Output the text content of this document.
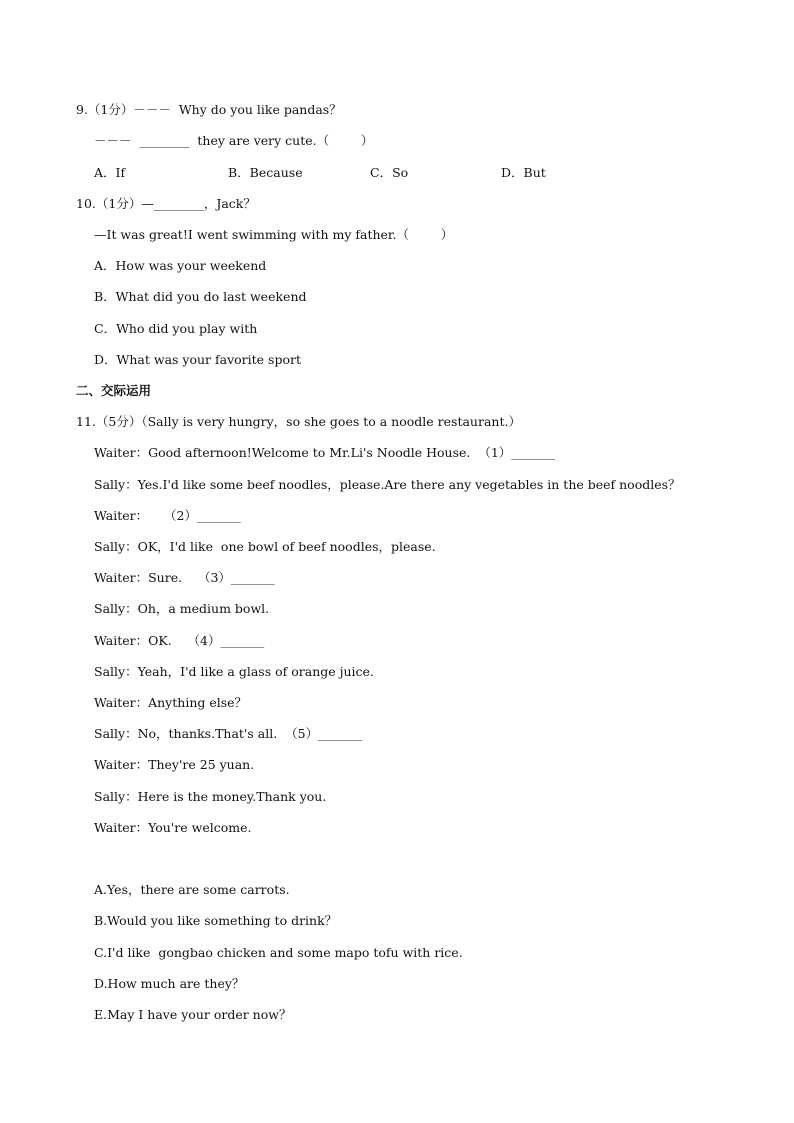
9.（1分）－－－  Why do you like pandas？
－－－  ________  they are very cute.（        ）
A．If	B．Because	C．So	D．But
10.（1分）—________，Jack？
—It was great!I went swimming with my father.（        ）
A．How was your weekend
B．What did you do last weekend
C．Who did you play with
D．What was your favorite sport
二、交际运用
11.（5分）（Sally is very hungry，so she goes to a noodle restaurant.）
Waiter：Good afternoon!Welcome to Mr.Li's Noodle House.  （1）_______
Sally：Yes.I'd like some beef noodles，please.Are there any vegetables in the beef noodles？
Waiter：    （2）_______
Sally：OK，I'd like  one bowl of beef noodles，please.
Waiter：Sure.    （3）_______
Sally：Oh，a medium bowl.
Waiter：OK.    （4）_______
Sally：Yeah，I'd like a glass of orange juice.
Waiter：Anything else？
Sally：No，thanks.That's all.  （5）_______
Waiter：They're 25 yuan.
Sally：Here is the money.Thank you.
Waiter：You're welcome.
A.Yes，there are some carrots.
B.Would you like something to drink？
C.I'd like  gongbao chicken and some mapo tofu with rice.
D.How much are they？
E.May I have your order now？
